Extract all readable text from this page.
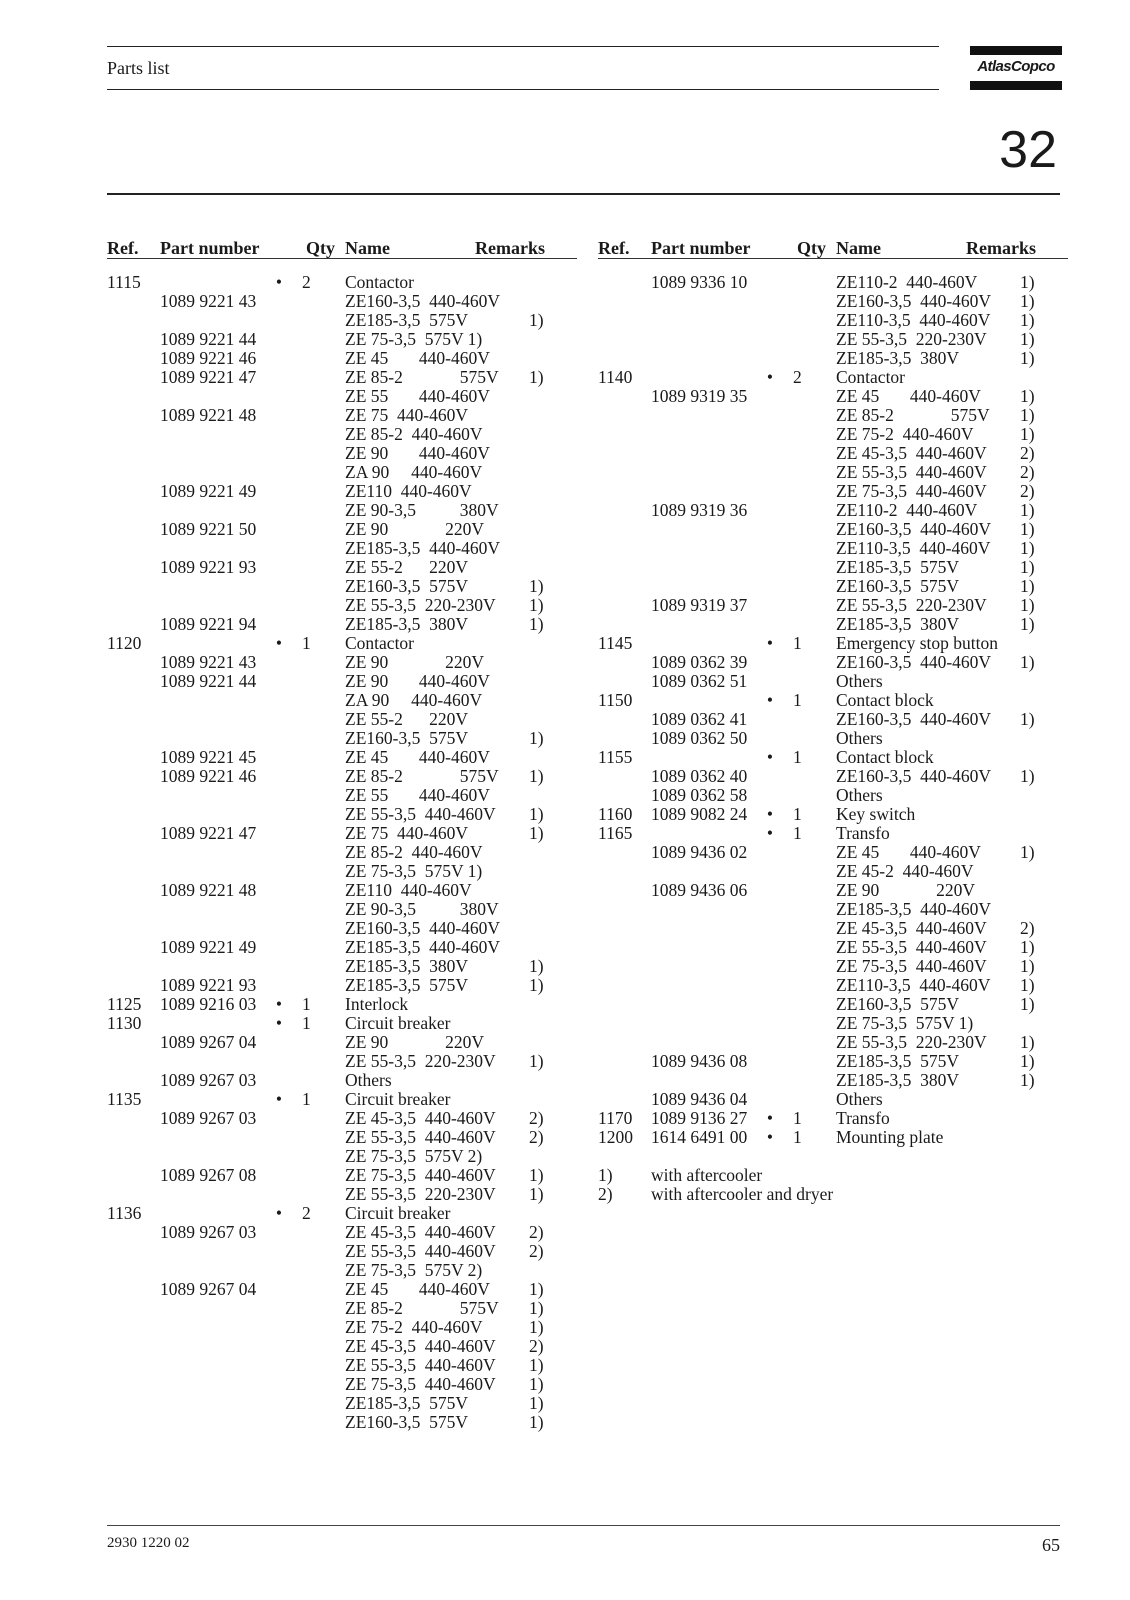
Parts list	AtlasCopco
32
Ref. Part number	Qty Name	Remarks
1115	• 2 Contactor
1089 9221 43	ZE160-3,5  440-460V
ZE185-3,5  575V	1)
1089 9221 44	ZE 75-3,5  575V 1)
1089 9221 46	ZE 45       440-460V
1089 9221 47	ZE 85-2             575V 1)
ZE 55       440-460V
1089 9221 48	ZE 75  440-460V
ZE 85-2  440-460V
ZE 90       440-460V
ZA 90     440-460V
1089 9221 49	ZE110  440-460V
ZE 90-3,5          380V
1089 9221 50	ZE 90             220V
ZE185-3,5  440-460V
1089 9221 93	ZE 55-2      220V
ZE160-3,5  575V	1)
ZE 55-3,5  220-230V 1)
1089 9221 94	ZE185-3,5  380V	1)
1120	• 1 Contactor
1089 9221 43	ZE 90             220V
1089 9221 44	ZE 90       440-460V
ZA 90     440-460V
ZE 55-2      220V
ZE160-3,5  575V	1)
1089 9221 45	ZE 45       440-460V
1089 9221 46	ZE 85-2             575V 1)
ZE 55       440-460V
ZE 55-3,5  440-460V 1)
1089 9221 47	ZE 75  440-460V	1)
ZE 85-2  440-460V
ZE 75-3,5  575V 1)
1089 9221 48	ZE110  440-460V
ZE 90-3,5          380V
ZE160-3,5  440-460V
1089 9221 49	ZE185-3,5  440-460V
ZE185-3,5  380V	1)
1089 9221 93	ZE185-3,5  575V	1)
1125 1089 9216 03 • 1 Interlock
1130	• 1 Circuit breaker
1089 9267 04	ZE 90             220V
ZE 55-3,5  220-230V 1)
1089 9267 03	Others
1135	• 1 Circuit breaker
1089 9267 03	ZE 45-3,5  440-460V 2)
ZE 55-3,5  440-460V 2)
ZE 75-3,5  575V 2)
1089 9267 08	ZE 75-3,5  440-460V 1)
ZE 55-3,5  220-230V 1)
1136	• 2 Circuit breaker
1089 9267 03	ZE 45-3,5  440-460V 2)
ZE 55-3,5  440-460V 2)
ZE 75-3,5  575V 2)
1089 9267 04	ZE 45       440-460V 1)
ZE 85-2             575V 1)
ZE 75-2  440-460V	1)
ZE 45-3,5  440-460V 2)
ZE 55-3,5  440-460V 1)
ZE 75-3,5  440-460V 1)
ZE185-3,5  575V	1)
ZE160-3,5  575V	1)
Ref. Part number	Qty Name	Remarks
1089 9336 10	ZE110-2  440-460V 1)
ZE160-3,5  440-460V 1)
ZE110-3,5  440-460V 1)
ZE 55-3,5  220-230V 1)
ZE185-3,5  380V	1)
1140	• 2 Contactor
1089 9319 35	ZE 45       440-460V 1)
ZE 85-2             575V 1)
ZE 75-2  440-460V	1)
ZE 45-3,5  440-460V 2)
ZE 55-3,5  440-460V 2)
ZE 75-3,5  440-460V 2)
1089 9319 36	ZE110-2  440-460V 1)
ZE160-3,5  440-460V 1)
ZE110-3,5  440-460V 1)
ZE185-3,5  575V	1)
ZE160-3,5  575V	1)
1089 9319 37	ZE 55-3,5  220-230V 1)
ZE185-3,5  380V	1)
1145	• 1 Emergency stop button
1089 0362 39	ZE160-3,5  440-460V 1)
1089 0362 51	Others
1150	• 1 Contact block
1089 0362 41	ZE160-3,5  440-460V 1)
1089 0362 50	Others
1155	• 1 Contact block
1089 0362 40	ZE160-3,5  440-460V 1)
1089 0362 58	Others
1160 1089 9082 24 • 1 Key switch
1165	• 1 Transfo
1089 9436 02	ZE 45       440-460V 1)
ZE 45-2  440-460V
1089 9436 06	ZE 90             220V
ZE185-3,5  440-460V
ZE 45-3,5  440-460V 2)
ZE 55-3,5  440-460V 1)
ZE 75-3,5  440-460V 1)
ZE110-3,5  440-460V 1)
ZE160-3,5  575V	1)
ZE 75-3,5  575V 1)
ZE 55-3,5  220-230V 1)
1089 9436 08	ZE185-3,5  575V	1)
ZE185-3,5  380V	1)
1089 9436 04	Others
1170 1089 9136 27 • 1 Transfo
1200 1614 6491 00 • 1 Mounting plate
1) with aftercooler
2) with aftercooler and dryer
2930 1220 02	65
